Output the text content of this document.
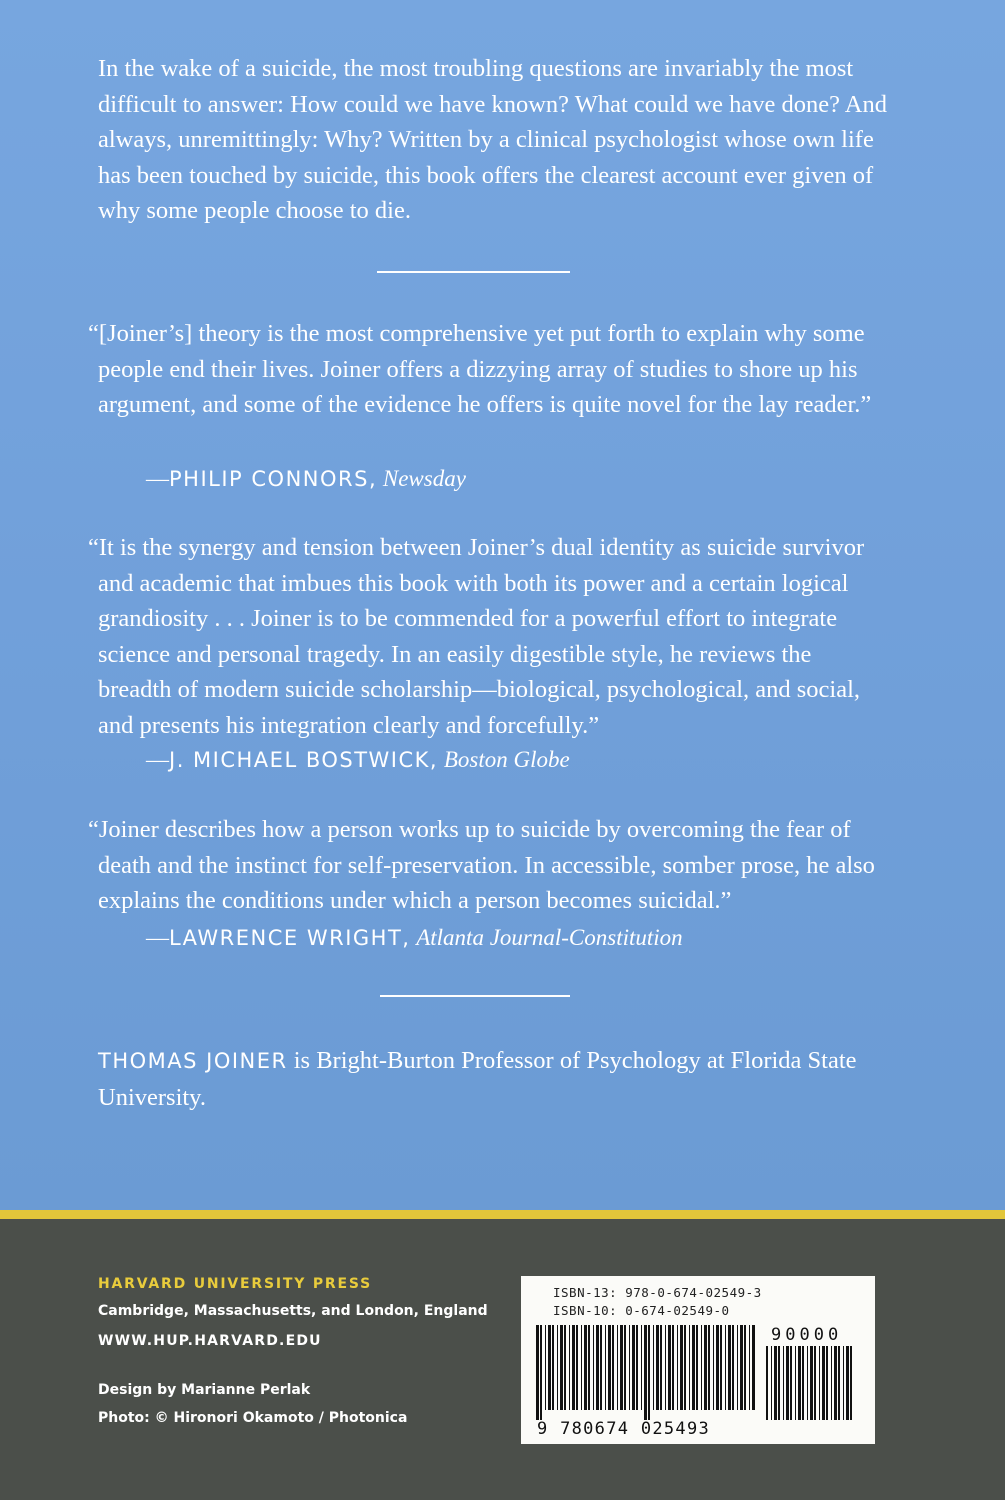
In the wake of a suicide, the most troubling questions are invariably the most difficult to answer: How could we have known? What could we have done? And always, unremittingly: Why? Written by a clinical psychologist whose own life has been touched by suicide, this book offers the clearest account ever given of why some people choose to die.

“[Joiner’s] theory is the most comprehensive yet put forth to explain why some people end their lives. Joiner offers a dizzying array of studies to shore up his argument, and some of the evidence he offers is quite novel for the lay reader.”

—PHILIP CONNORS, Newsday

“It is the synergy and tension between Joiner’s dual identity as suicide survivor and academic that imbues this book with both its power and a certain logical grandiosity . . . Joiner is to be commended for a powerful effort to integrate science and personal tragedy. In an easily digestible style, he reviews the breadth of modern suicide scholarship—biological, psychological, and social, and presents his integration clearly and forcefully.”

—J. MICHAEL BOSTWICK, Boston Globe

“Joiner describes how a person works up to suicide by overcoming the fear of death and the instinct for self-preservation. In accessible, somber prose, he also explains the conditions under which a person becomes suicidal.”

—LAWRENCE WRIGHT, Atlanta Journal-Constitution

THOMAS JOINER is Bright-Burton Professor of Psychology at Florida State University.

HARVARD UNIVERSITY PRESS
Cambridge, Massachusetts, and London, England
WWW.HUP.HARVARD.EDU
Design by Marianne Perlak
Photo: © Hironori Okamoto / Photonica
ISBN-13: 978-0-674-02549-3
ISBN-10: 0-674-02549-0
90000
9 780674 025493
